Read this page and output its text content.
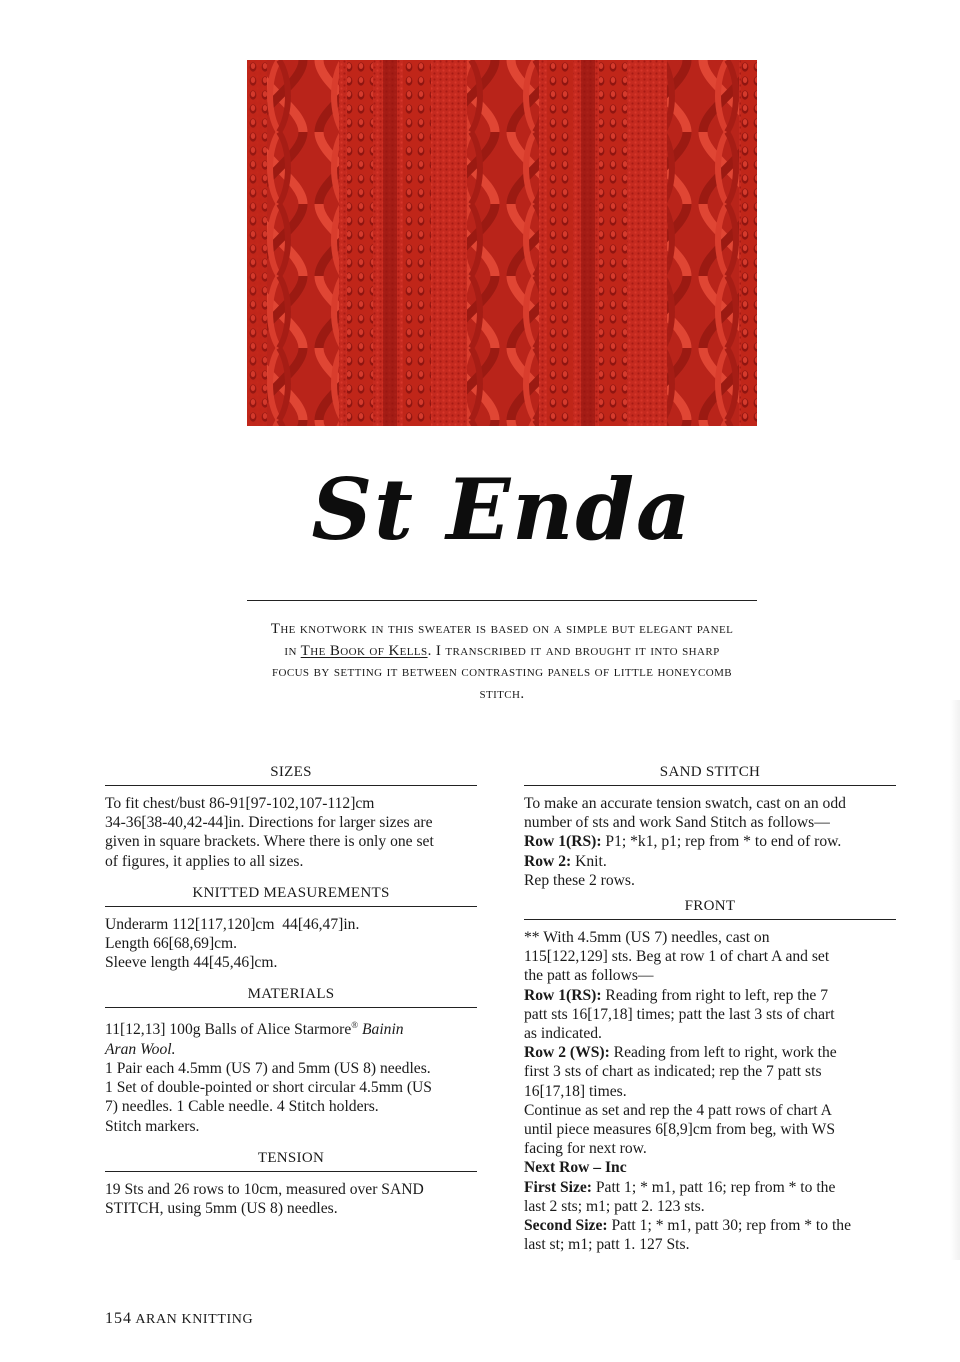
St Enda
The knotwork in this sweater is based on a simple but elegant panel in The Book of Kells. I transcribed it and brought it into sharp focus by setting it between contrasting panels of little honeycomb stitch.
SIZES

To fit chest/bust 86-91[97-102,107-112]cm

34-36[38-40,42-44]in. Directions for larger sizes are

given in square brackets. Where there is only one set

of figures, it applies to all sizes.

KNITTED MEASUREMENTS

Underarm 112[117,120]cm  44[46,47]in.

Length 66[68,69]cm.

Sleeve length 44[45,46]cm.

MATERIALS

11[12,13] 100g Balls of Alice Starmore® Bainin

Aran Wool.

1 Pair each 4.5mm (US 7) and 5mm (US 8) needles.

1 Set of double-pointed or short circular 4.5mm (US

7) needles. 1 Cable needle. 4 Stitch holders.

Stitch markers.

TENSION

19 Sts and 26 rows to 10cm, measured over SAND

STITCH, using 5mm (US 8) needles.

SAND STITCH

To make an accurate tension swatch, cast on an odd

number of sts and work Sand Stitch as follows—

Row 1(RS): P1; *k1, p1; rep from * to end of row.

Row 2: Knit.

Rep these 2 rows.

FRONT

** With 4.5mm (US 7) needles, cast on

115[122,129] sts. Beg at row 1 of chart A and set

the patt as follows—

Row 1(RS): Reading from right to left, rep the 7

patt sts 16[17,18] times; patt the last 3 sts of chart

as indicated.

Row 2 (WS): Reading from left to right, work the

first 3 sts of chart as indicated; rep the 7 patt sts

16[17,18] times.

Continue as set and rep the 4 patt rows of chart A

until piece measures 6[8,9]cm from beg, with WS

facing for next row.

Next Row – Inc

First Size: Patt 1; * m1, patt 16; rep from * to the

last 2 sts; m1; patt 2. 123 sts.

Second Size: Patt 1; * m1, patt 30; rep from * to the

last st; m1; patt 1. 127 Sts.

154 ARAN KNITTING
